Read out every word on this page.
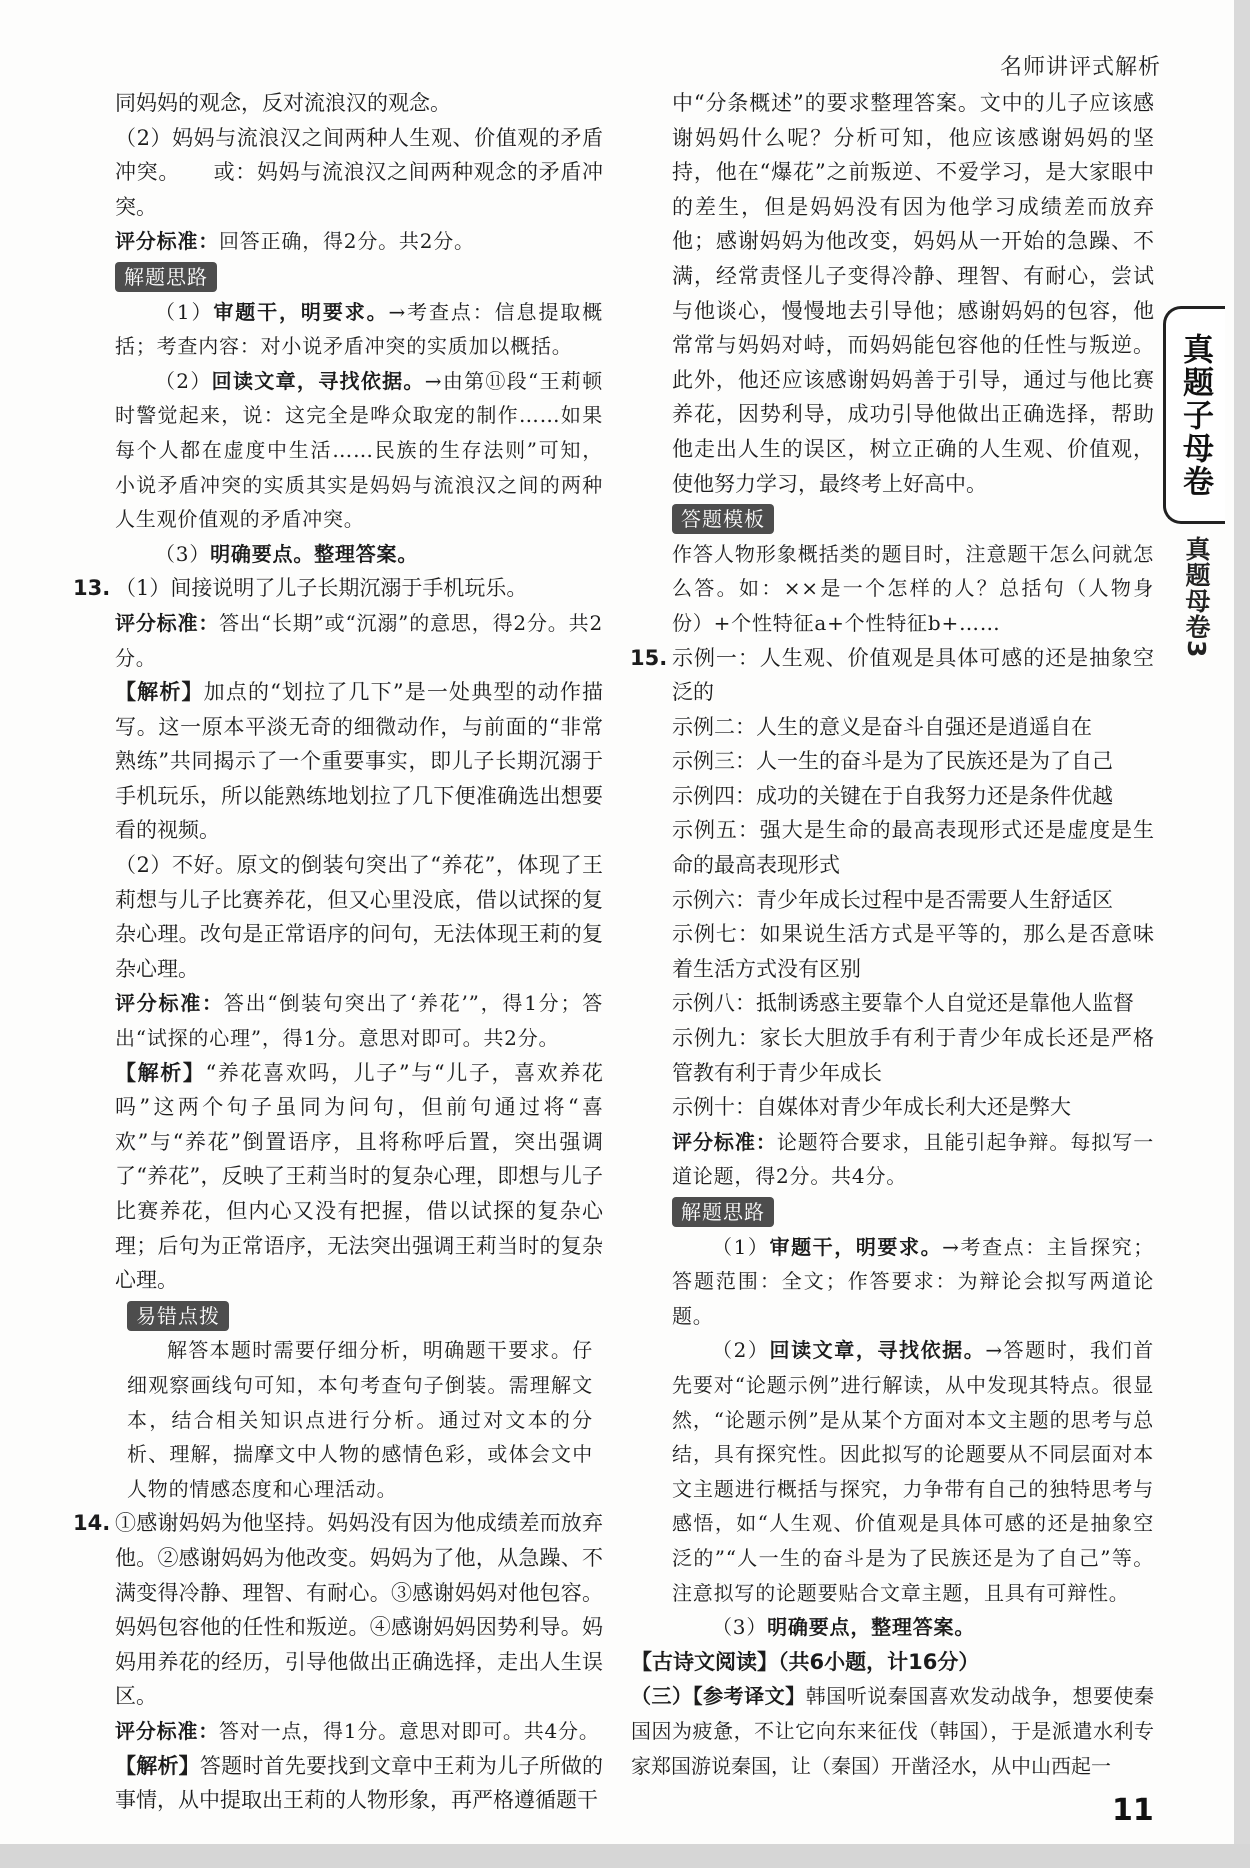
名师讲评式解析

同妈妈的观念，反对流浪汉的观念。

（2）妈妈与流浪汉之间两种人生观、价值观的矛盾冲突。 或：妈妈与流浪汉之间两种观念的矛盾冲突。

评分标准：回答正确，得2分。共2分。

解题思路

（1）审题干，明要求。→考查点：信息提取概括；考查内容：对小说矛盾冲突的实质加以概括。

（2）回读文章，寻找依据。→由第⑪段“王莉顿时警觉起来，说：这完全是哗众取宠的制作……如果每个人都在虚度中生活……民族的生存法则”可知，小说矛盾冲突的实质其实是妈妈与流浪汉之间的两种人生观价值观的矛盾冲突。

（3）明确要点。整理答案。

13. （1）间接说明了儿子长期沉溺于手机玩乐。

评分标准：答出“长期”或“沉溺”的意思，得2分。共2分。

【解析】加点的“划拉了几下”是一处典型的动作描写。这一原本平淡无奇的细微动作，与前面的“非常熟练”共同揭示了一个重要事实，即儿子长期沉溺于手机玩乐，所以能熟练地划拉了几下便准确选出想要看的视频。

（2）不好。原文的倒装句突出了“养花”，体现了王莉想与儿子比赛养花，但又心里没底，借以试探的复杂心理。改句是正常语序的问句，无法体现王莉的复杂心理。

评分标准：答出“倒装句突出了‘养花’”，得1分；答出“试探的心理”，得1分。意思对即可。共2分。

【解析】“养花喜欢吗，儿子”与“儿子，喜欢养花吗”这两个句子虽同为问句，但前句通过将“喜欢”与“养花”倒置语序，且将称呼后置，突出强调了“养花”，反映了王莉当时的复杂心理，即想与儿子比赛养花，但内心又没有把握，借以试探的复杂心理；后句为正常语序，无法突出强调王莉当时的复杂心理。

易错点拨

解答本题时需要仔细分析，明确题干要求。仔细观察画线句可知，本句考查句子倒装。需理解文本，结合相关知识点进行分析。通过对文本的分析、理解，揣摩文中人物的感情色彩，或体会文中人物的情感态度和心理活动。

14. ①感谢妈妈为他坚持。妈妈没有因为他成绩差而放弃他。②感谢妈妈为他改变。妈妈为了他，从急躁、不满变得冷静、理智、有耐心。③感谢妈妈对他包容。妈妈包容他的任性和叛逆。④感谢妈妈因势利导。妈妈用养花的经历，引导他做出正确选择，走出人生误区。

评分标准：答对一点，得1分。意思对即可。共4分。

【解析】答题时首先要找到文章中王莉为儿子所做的事情，从中提取出王莉的人物形象，再严格遵循题干

中“分条概述”的要求整理答案。文中的儿子应该感谢妈妈什么呢？分析可知，他应该感谢妈妈的坚持，他在“爆花”之前叛逆、不爱学习，是大家眼中的差生，但是妈妈没有因为他学习成绩差而放弃他；感谢妈妈为他改变，妈妈从一开始的急躁、不满，经常责怪儿子变得冷静、理智、有耐心，尝试与他谈心，慢慢地去引导他；感谢妈妈的包容，他常常与妈妈对峙，而妈妈能包容他的任性与叛逆。此外，他还应该感谢妈妈善于引导，通过与他比赛养花，因势利导，成功引导他做出正确选择，帮助他走出人生的误区，树立正确的人生观、价值观，使他努力学习，最终考上好高中。

答题模板

作答人物形象概括类的题目时，注意题干怎么问就怎么答。如：××是一个怎样的人？总括句（人物身份）+个性特征a+个性特征b+……

15. 示例一：人生观、价值观是具体可感的还是抽象空泛的

示例二：人生的意义是奋斗自强还是逍遥自在

示例三：人一生的奋斗是为了民族还是为了自己

示例四：成功的关键在于自我努力还是条件优越

示例五：强大是生命的最高表现形式还是虚度是生命的最高表现形式

示例六：青少年成长过程中是否需要人生舒适区

示例七：如果说生活方式是平等的，那么是否意味着生活方式没有区别

示例八：抵制诱惑主要靠个人自觉还是靠他人监督

示例九：家长大胆放手有利于青少年成长还是严格管教有利于青少年成长

示例十：自媒体对青少年成长利大还是弊大

评分标准：论题符合要求，且能引起争辩。每拟写一道论题，得2分。共4分。

解题思路

（1）审题干，明要求。→考查点：主旨探究；答题范围：全文；作答要求：为辩论会拟写两道论题。

（2）回读文章，寻找依据。→答题时，我们首先要对“论题示例”进行解读，从中发现其特点。很显然，“论题示例”是从某个方面对本文主题的思考与总结，具有探究性。因此拟写的论题要从不同层面对本文主题进行概括与探究，力争带有自己的独特思考与感悟，如“人生观、价值观是具体可感的还是抽象空泛的”“人一生的奋斗是为了民族还是为了自己”等。注意拟写的论题要贴合文章主题，且具有可辩性。

（3）明确要点，整理答案。

【古诗文阅读】（共6小题，计16分）

（三）【参考译文】韩国听说秦国喜欢发动战争，想要使秦国因为疲惫，不让它向东来征伐（韩国），于是派遣水利专家郑国游说秦国，让（秦国）开凿泾水，从中山西起一

真题子母卷
真题母卷3
11
